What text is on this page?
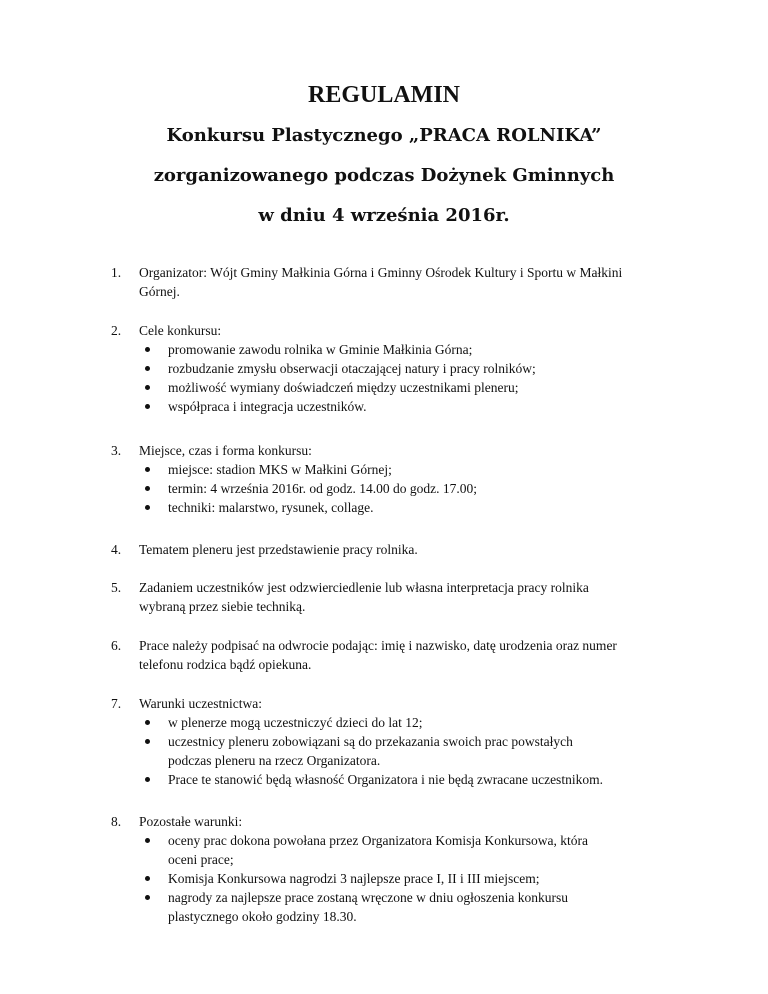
REGULAMIN
Konkursu Plastycznego „PRACA ROLNIKA”
zorganizowanego podczas Dożynek Gminnych
w dniu 4 września 2016r.
1.	Organizator: Wójt Gminy Małkinia Górna i Gminny Ośrodek Kultury i Sportu w Małkini
Górnej.
2.	Cele konkursu:
promowanie zawodu rolnika w Gminie Małkinia Górna;
rozbudzanie zmysłu obserwacji otaczającej natury i pracy rolników;
możliwość wymiany doświadczeń między uczestnikami pleneru;
współpraca i integracja uczestników.
3.	Miejsce, czas i forma konkursu:
miejsce: stadion MKS w Małkini Górnej;
termin: 4 września 2016r. od godz. 14.00 do godz. 17.00;
techniki: malarstwo, rysunek, collage.
4.	Tematem pleneru jest przedstawienie pracy rolnika.
5.	Zadaniem uczestników jest odzwierciedlenie lub własna interpretacja pracy rolnika
wybraną przez siebie techniką.
6.	Prace należy podpisać na odwrocie podając: imię i nazwisko, datę urodzenia oraz numer
telefonu rodzica bądź opiekuna.
7.	Warunki uczestnictwa:
w plenerze mogą uczestniczyć dzieci do lat 12;
uczestnicy pleneru zobowiązani są do przekazania swoich prac powstałych
podczas pleneru na rzecz Organizatora.
Prace te stanowić będą własność Organizatora i nie będą zwracane uczestnikom.
8.	Pozostałe warunki:
oceny prac dokona powołana przez Organizatora Komisja Konkursowa, która
oceni prace;
Komisja Konkursowa nagrodzi 3 najlepsze prace I, II i III miejscem;
nagrody za najlepsze prace zostaną wręczone w dniu ogłoszenia konkursu
plastycznego około godziny 18.30.
